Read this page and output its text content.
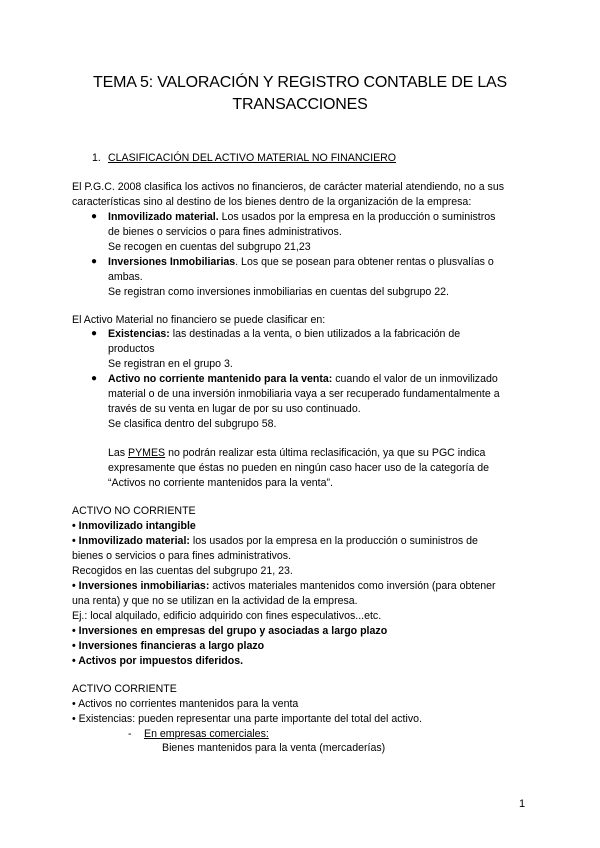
TEMA 5: VALORACIÓN Y REGISTRO CONTABLE DE LAS
TRANSACCIONES
1. CLASIFICACIÓN DEL ACTIVO MATERIAL NO FINANCIERO
El P.G.C. 2008 clasifica los activos no financieros, de carácter material atendiendo, no a sus
características sino al destino de los bienes dentro de la organización de la empresa:
● Inmovilizado material. Los usados por la empresa en la producción o suministros
de bienes o servicios o para fines administrativos.
Se recogen en cuentas del subgrupo 21,23
● Inversiones Inmobiliarias. Los que se posean para obtener rentas o plusvalías o
ambas.
Se registran como inversiones inmobiliarias en cuentas del subgrupo 22.
El Activo Material no financiero se puede clasificar en:
● Existencias: las destinadas a la venta, o bien utilizados a la fabricación de
productos
Se registran en el grupo 3.
● Activo no corriente mantenido para la venta: cuando el valor de un inmovilizado
material o de una inversión inmobiliaria vaya a ser recuperado fundamentalmente a
través de su venta en lugar de por su uso continuado.
Se clasifica dentro del subgrupo 58.
Las PYMES no podrán realizar esta última reclasificación, ya que su PGC indica
expresamente que éstas no pueden en ningún caso hacer uso de la categoría de
“Activos no corriente mantenidos para la venta”.
ACTIVO NO CORRIENTE
• Inmovilizado intangible
• Inmovilizado material: los usados por la empresa en la producción o suministros de
bienes o servicios o para fines administrativos.
Recogidos en las cuentas del subgrupo 21, 23.
• Inversiones inmobiliarias: activos materiales mantenidos como inversión (para obtener
una renta) y que no se utilizan en la actividad de la empresa.
Ej.: local alquilado, edificio adquirido con fines especulativos...etc.
• Inversiones en empresas del grupo y asociadas a largo plazo
• Inversiones financieras a largo plazo
• Activos por impuestos diferidos.
ACTIVO CORRIENTE
• Activos no corrientes mantenidos para la venta
• Existencias: pueden representar una parte importante del total del activo.
- En empresas comerciales:
Bienes mantenidos para la venta (mercaderías)
1
